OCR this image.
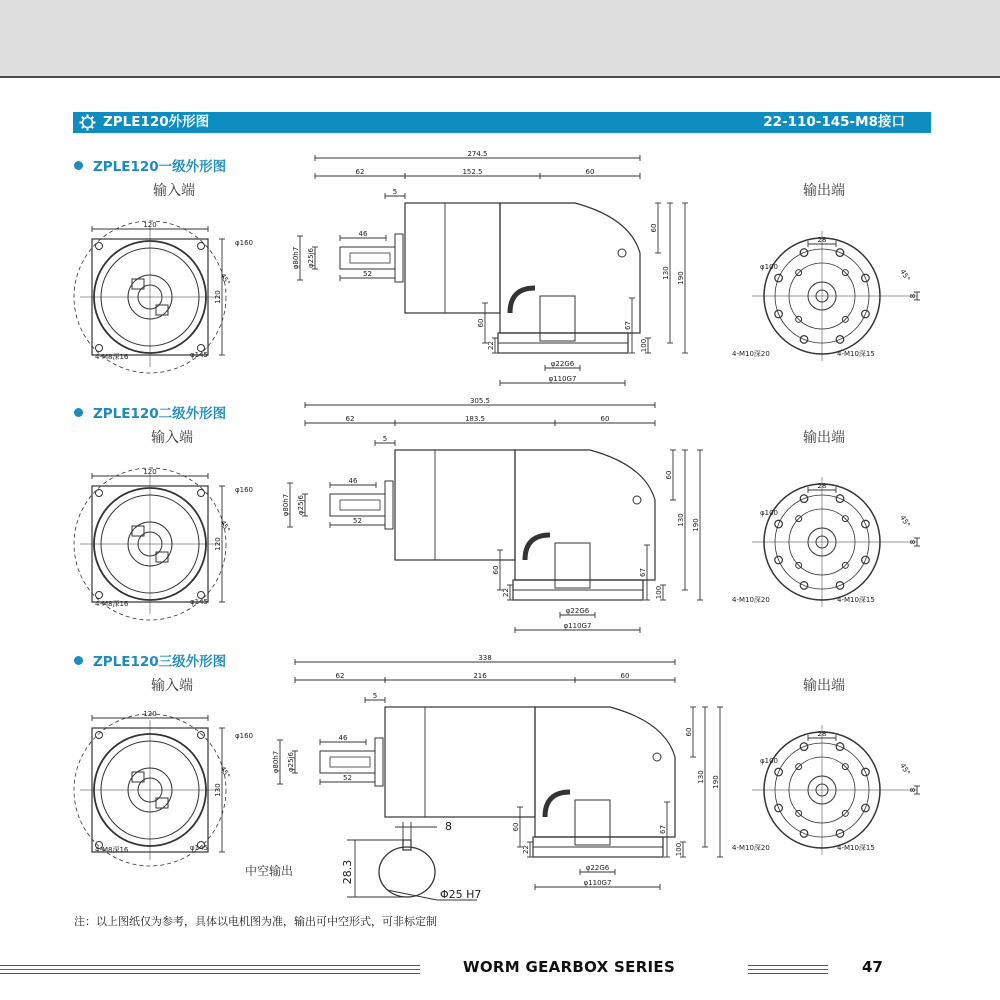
ZPLE120外形图	22-110-145-M8接口
ZPLE120一级外形图
输入端	输出端
ZPLE120二级外形图
输入端	输出端
ZPLE120三级外形图
输入端	输出端
中空输出
注：以上图纸仅为参考，具体以电机图为准，输出可中空形式，可非标定制
WORM GEARBOX SERIES	47
120
120
φ160
φ145
45°
4-M8深16
274.5
62	152.5	60
5
46
52
60
130 190
φ80h7 φ25j6
60
22
67
100
φ22G6
φ110G7
28
φ100
45°
8
4-M10深20	4-M10深15
120
120
φ160
φ145
45°
4-M8深16
305.5
62	183.5	60
5
46
52
60
130 190
φ80h7 φ25j6
60
22
67
100
φ22G6
φ110G7
28
φ100
45°
8
4-M10深20	4-M10深15
120
130
φ160
φ145
45°
4-M8深16
338
62	216	60
5
46
52
60
130 190
φ80h7 φ25j6
60
22
67
100
φ22G6
φ110G7
28
φ100
45°
8
4-M10深20	4-M10深15
8
28.3
Φ25 H7
